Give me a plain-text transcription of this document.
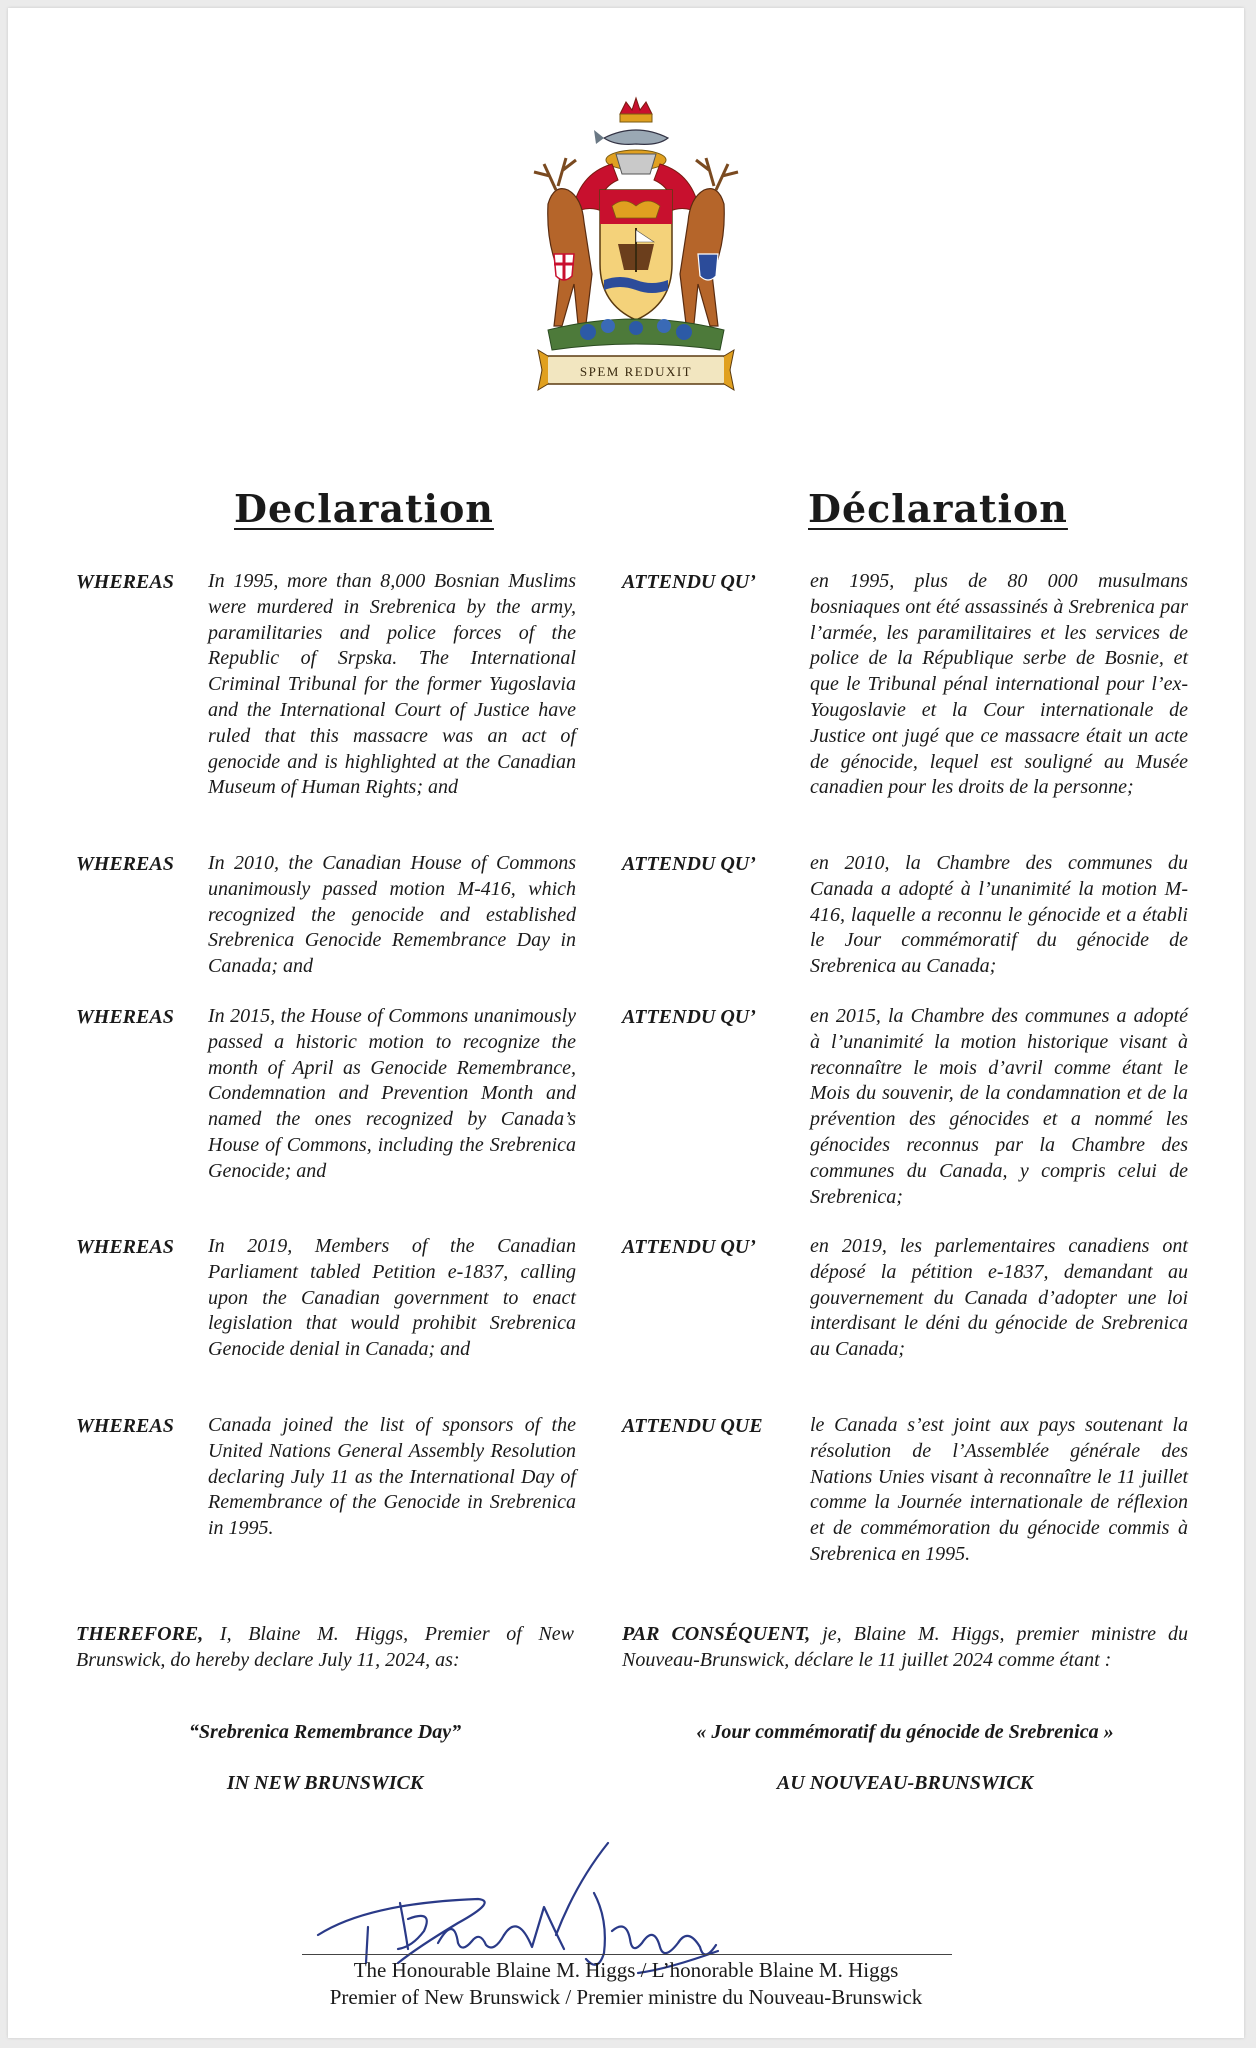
SPEM REDUXIT
Declaration	Déclaration
WHEREAS In 1995, more than 8,000 Bosnian Muslims were murdered in Srebrenica by the army, paramilitaries and police forces of the Republic of Srpska. The International Criminal Tribunal for the former Yugoslavia and the International Court of Justice have ruled that this massacre was an act of genocide and is highlighted at the Canadian Museum of Human Rights; and
ATTENDU QU’	en 1995, plus de 80 000 musulmans bosniaques ont été assassinés à Srebrenica par l’armée, les paramilitaires et les services de police de la République serbe de Bosnie, et que le Tribunal pénal international pour l’ex-Yougoslavie et la Cour internationale de Justice ont jugé que ce massacre était un acte de génocide, lequel est souligné au Musée canadien pour les droits de la personne;
WHEREAS In 2010, the Canadian House of Commons unanimously passed motion M-416, which recognized the genocide and established Srebrenica Genocide Remembrance Day in Canada; and
ATTENDU QU’	en 2010, la Chambre des communes du Canada a adopté à l’unanimité la motion M-416, laquelle a reconnu le génocide et a établi le Jour commémoratif du génocide de Srebrenica au Canada;
WHEREAS In 2015, the House of Commons unanimously passed a historic motion to recognize the month of April as Genocide Remembrance, Condemnation and Prevention Month and named the ones recognized by Canada’s House of Commons, including the Srebrenica Genocide; and
ATTENDU QU’	en 2015, la Chambre des communes a adopté à l’unanimité la motion historique visant à reconnaître le mois d’avril comme étant le Mois du souvenir, de la condamnation et de la prévention des génocides et a nommé les génocides reconnus par la Chambre des communes du Canada, y compris celui de Srebrenica;
WHEREAS In 2019, Members of the Canadian Parliament tabled Petition e-1837, calling upon the Canadian government to enact legislation that would prohibit Srebrenica Genocide denial in Canada; and
ATTENDU QU’	en 2019, les parlementaires canadiens ont déposé la pétition e-1837, demandant au gouvernement du Canada d’adopter une loi interdisant le déni du génocide de Srebrenica au Canada;
WHEREAS Canada joined the list of sponsors of the United Nations General Assembly Resolution declaring July 11 as the International Day of Remembrance of the Genocide in Srebrenica in 1995.
ATTENDU QUE le Canada s’est joint aux pays soutenant la résolution de l’Assemblée générale des Nations Unies visant à reconnaître le 11 juillet comme la Journée internationale de réflexion et de commémoration du génocide commis à Srebrenica en 1995.
THEREFORE, I, Blaine M. Higgs, Premier of New Brunswick, do hereby declare July 11, 2024, as:
PAR CONSÉQUENT, je, Blaine M. Higgs, premier ministre du Nouveau-Brunswick, déclare le 11 juillet 2024 comme étant :
“Srebrenica Remembrance Day”	« Jour commémoratif du génocide de Srebrenica »
IN NEW BRUNSWICK	AU NOUVEAU-BRUNSWICK
The Honourable Blaine M. Higgs / L’honorable Blaine M. Higgs
Premier of New Brunswick / Premier ministre du Nouveau-Brunswick
